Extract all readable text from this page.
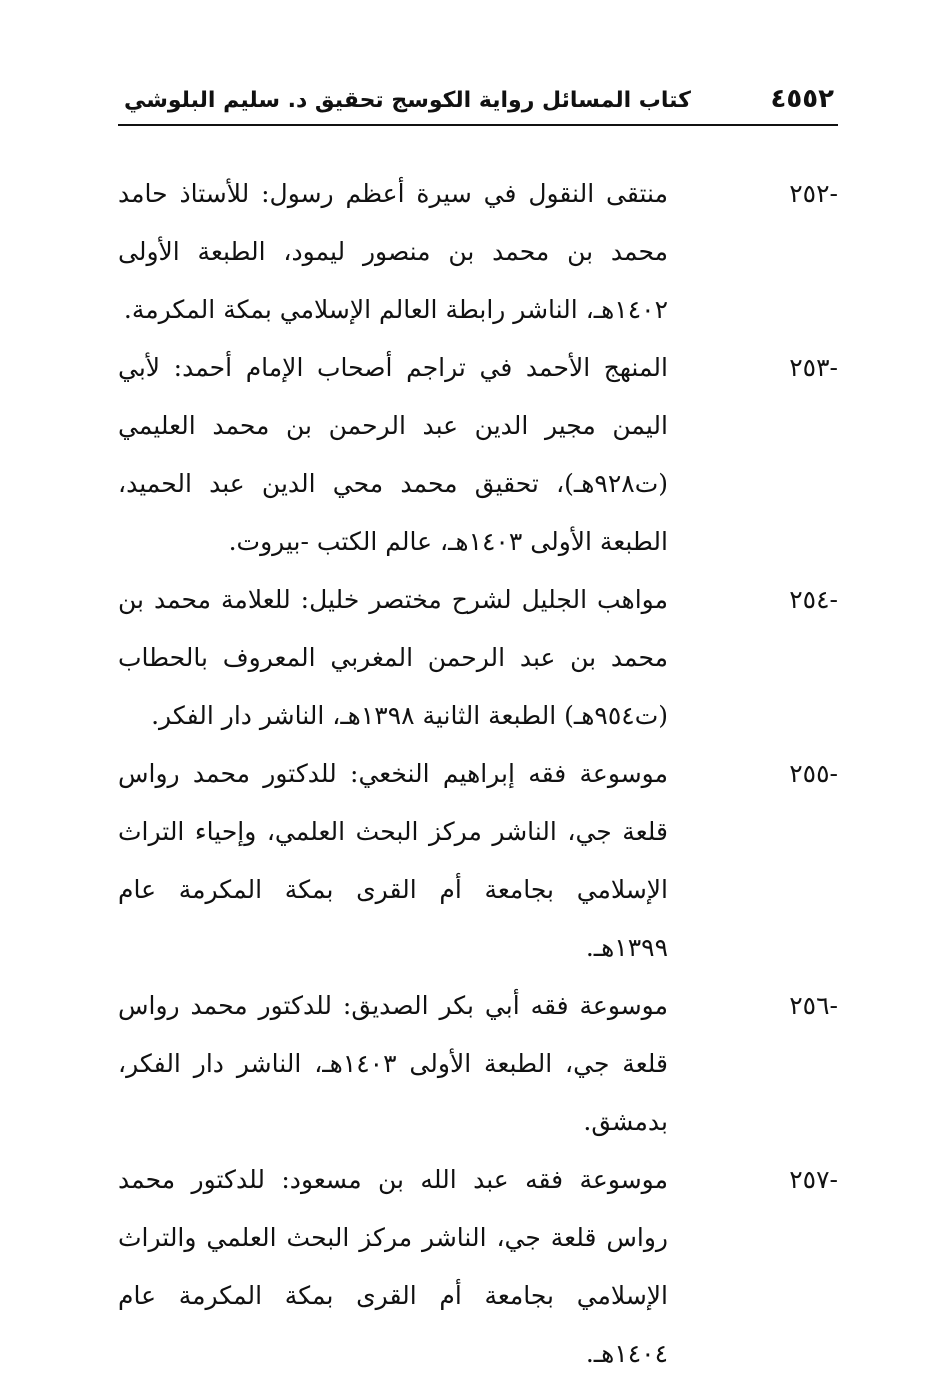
٤٥٥٢
كتاب المسائل رواية الكوسج تحقيق د. سليم البلوشي
-٢٥٢
منتقى النقول في سيرة أعظم رسول: للأستاذ حامد محمد بن محمد بن منصور ليمود، الطبعة الأولى ١٤٠٢هـ، الناشر رابطة العالم الإسلامي بمكة المكرمة.
-٢٥٣
المنهج الأحمد في تراجم أصحاب الإمام أحمد: لأبي اليمن مجير الدين عبد الرحمن بن محمد العليمي (ت٩٢٨هـ)، تحقيق محمد محي الدين عبد الحميد، الطبعة الأولى ١٤٠٣هـ، عالم الكتب -بيروت.
-٢٥٤
مواهب الجليل لشرح مختصر خليل: للعلامة محمد بن محمد بن عبد الرحمن المغربي المعروف بالحطاب (ت٩٥٤هـ) الطبعة الثانية ١٣٩٨هـ، الناشر دار الفكر.
-٢٥٥
موسوعة فقه إبراهيم النخعي: للدكتور محمد رواس قلعة جي، الناشر مركز البحث العلمي، وإحياء التراث الإسلامي بجامعة أم القرى بمكة المكرمة عام ١٣٩٩هـ.
-٢٥٦
موسوعة فقه أبي بكر الصديق: للدكتور محمد رواس قلعة جي، الطبعة الأولى ١٤٠٣هـ، الناشر دار الفكر، بدمشق.
-٢٥٧
موسوعة فقه عبد الله بن مسعود: للدكتور محمد رواس قلعة جي، الناشر مركز البحث العلمي والتراث الإسلامي بجامعة أم القرى بمكة المكرمة عام ١٤٠٤هـ.
